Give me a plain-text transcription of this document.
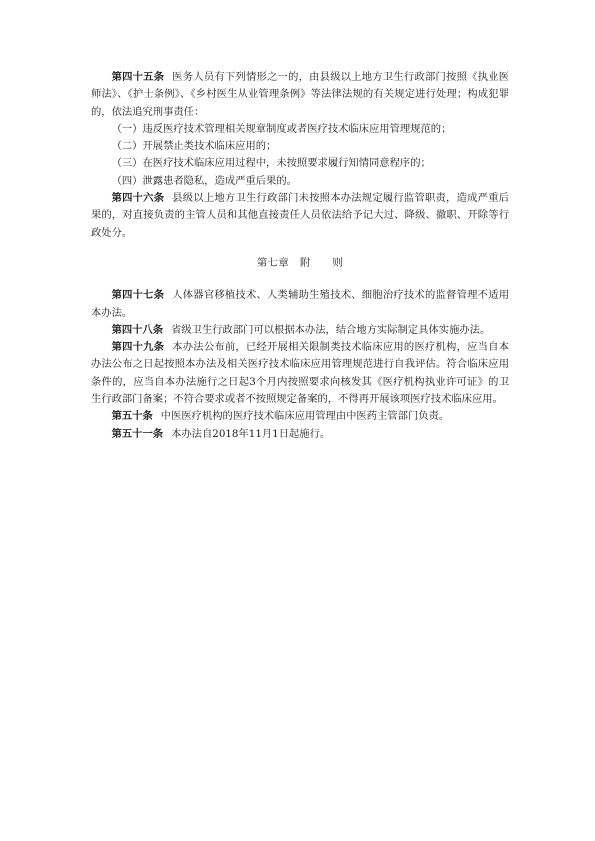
第四十五条 医务人员有下列情形之一的，由县级以上地方卫生行政部门按照《执业医师法》、《护士条例》、《乡村医生从业管理条例》等法律法规的有关规定进行处理；构成犯罪的，依法追究刑事责任：

（一）违反医疗技术管理相关规章制度或者医疗技术临床应用管理规范的；

（二）开展禁止类技术临床应用的；

（三）在医疗技术临床应用过程中，未按照要求履行知情同意程序的；

（四）泄露患者隐私，造成严重后果的。

第四十六条 县级以上地方卫生行政部门未按照本办法规定履行监管职责，造成严重后果的，对直接负责的主管人员和其他直接责任人员依法给予记大过、降级、撤职、开除等行政处分。

第七章　附　　则

第四十七条 人体器官移植技术、人类辅助生殖技术、细胞治疗技术的监督管理不适用本办法。

第四十八条 省级卫生行政部门可以根据本办法，结合地方实际制定具体实施办法。

第四十九条 本办法公布前，已经开展相关限制类技术临床应用的医疗机构，应当自本办法公布之日起按照本办法及相关医疗技术临床应用管理规范进行自我评估。符合临床应用条件的，应当自本办法施行之日起3个月内按照要求向核发其《医疗机构执业许可证》的卫生行政部门备案；不符合要求或者不按照规定备案的，不得再开展该项医疗技术临床应用。

第五十条 中医医疗机构的医疗技术临床应用管理由中医药主管部门负责。

第五十一条 本办法自2018年11月1日起施行。
